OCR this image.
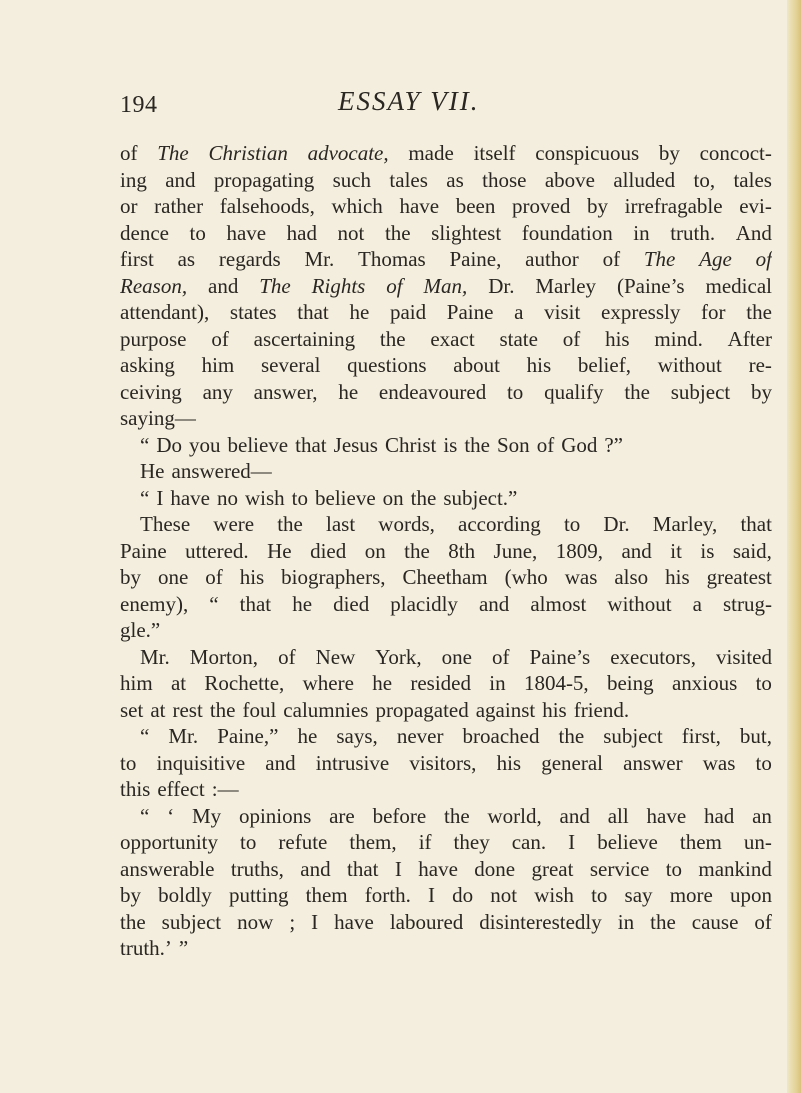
194	ESSAY VII.
of The Christian advocate, made itself conspicuous by concoct-
ing and propagating such tales as those above alluded to, tales
or rather falsehoods, which have been proved by irrefragable evi-
dence to have had not the slightest foundation in truth. And
first as regards Mr. Thomas Paine, author of The Age of
Reason, and The Rights of Man, Dr. Marley (Paine’s medical
attendant), states that he paid Paine a visit expressly for the
purpose of ascertaining the exact state of his mind. After
asking him several questions about his belief, without re-
ceiving any answer, he endeavoured to qualify the subject by
saying—
“ Do you believe that Jesus Christ is the Son of God ?”
He answered—
“ I have no wish to believe on the subject.”
These were the last words, according to Dr. Marley, that
Paine uttered. He died on the 8th June, 1809, and it is said,
by one of his biographers, Cheetham (who was also his greatest
enemy), “ that he died placidly and almost without a strug-
gle.”
Mr. Morton, of New York, one of Paine’s executors, visited
him at Rochette, where he resided in 1804-5, being anxious to
set at rest the foul calumnies propagated against his friend.
“ Mr. Paine,” he says, never broached the subject first, but,
to inquisitive and intrusive visitors, his general answer was to
this effect :—
“ ‘ My opinions are before the world, and all have had an
opportunity to refute them, if they can. I believe them un-
answerable truths, and that I have done great service to mankind
by boldly putting them forth. I do not wish to say more upon
the subject now ; I have laboured disinterestedly in the cause of
truth.’ ”
